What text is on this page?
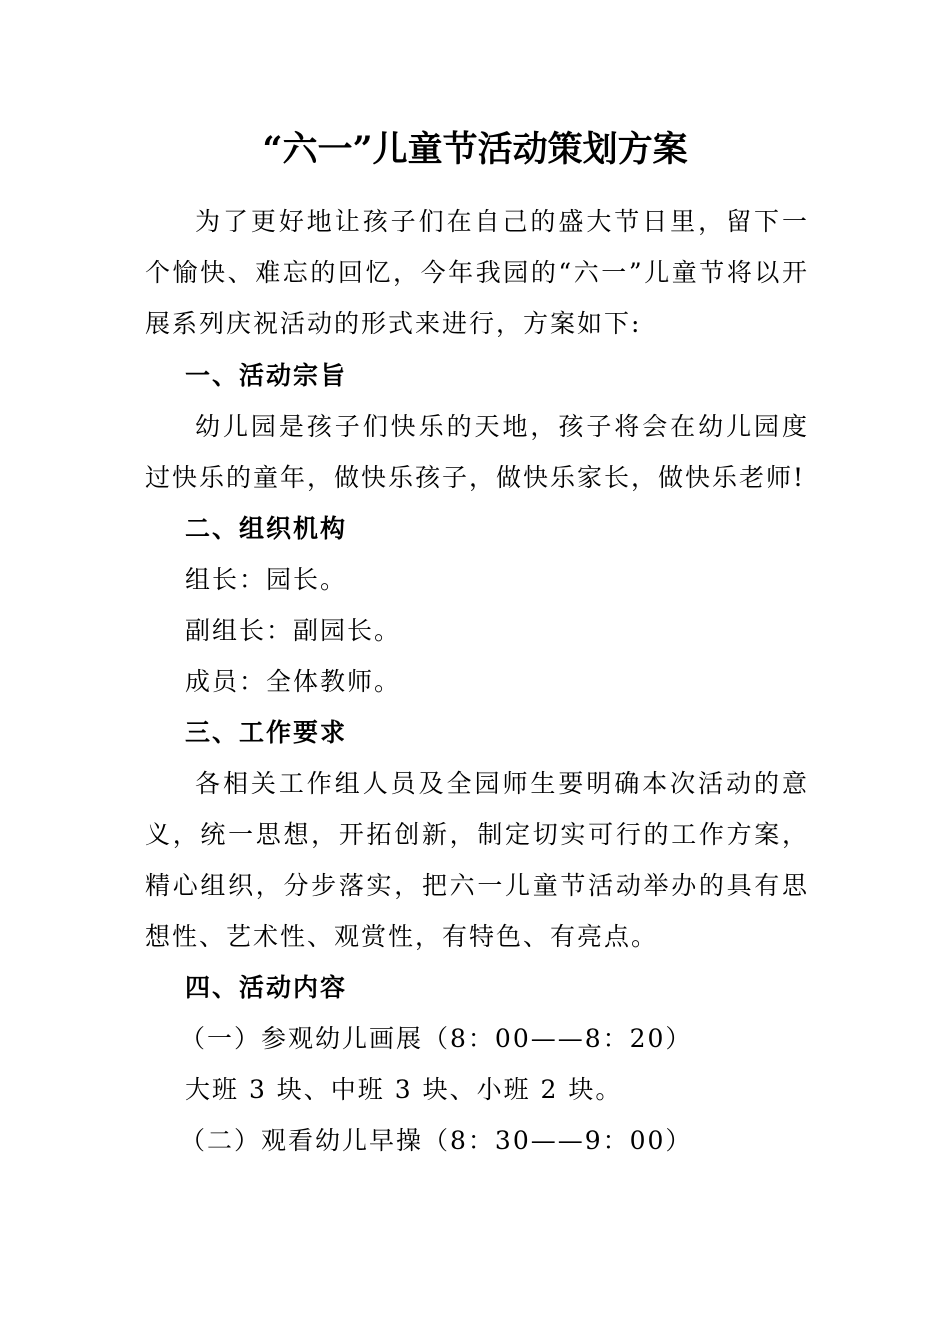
“六一”儿童节活动策划方案

为了更好地让孩子们在自己的盛大节日里，留下一个愉快、难忘的回忆，今年我园的“六一”儿童节将以开展系列庆祝活动的形式来进行，方案如下:

一、活动宗旨

幼儿园是孩子们快乐的天地，孩子将会在幼儿园度过快乐的童年，做快乐孩子，做快乐家长，做快乐老师!

二、组织机构

组长：园长。

副组长：副园长。

成员：全体教师。

三、工作要求

各相关工作组人员及全园师生要明确本次活动的意义，统一思想，开拓创新，制定切实可行的工作方案，精心组织，分步落实，把六一儿童节活动举办的具有思想性、艺术性、观赏性，有特色、有亮点。

四、活动内容

（一）参观幼儿画展（8：00——8：20）

大班 3 块、中班 3 块、小班 2 块。

（二）观看幼儿早操（8：30——9：00）
